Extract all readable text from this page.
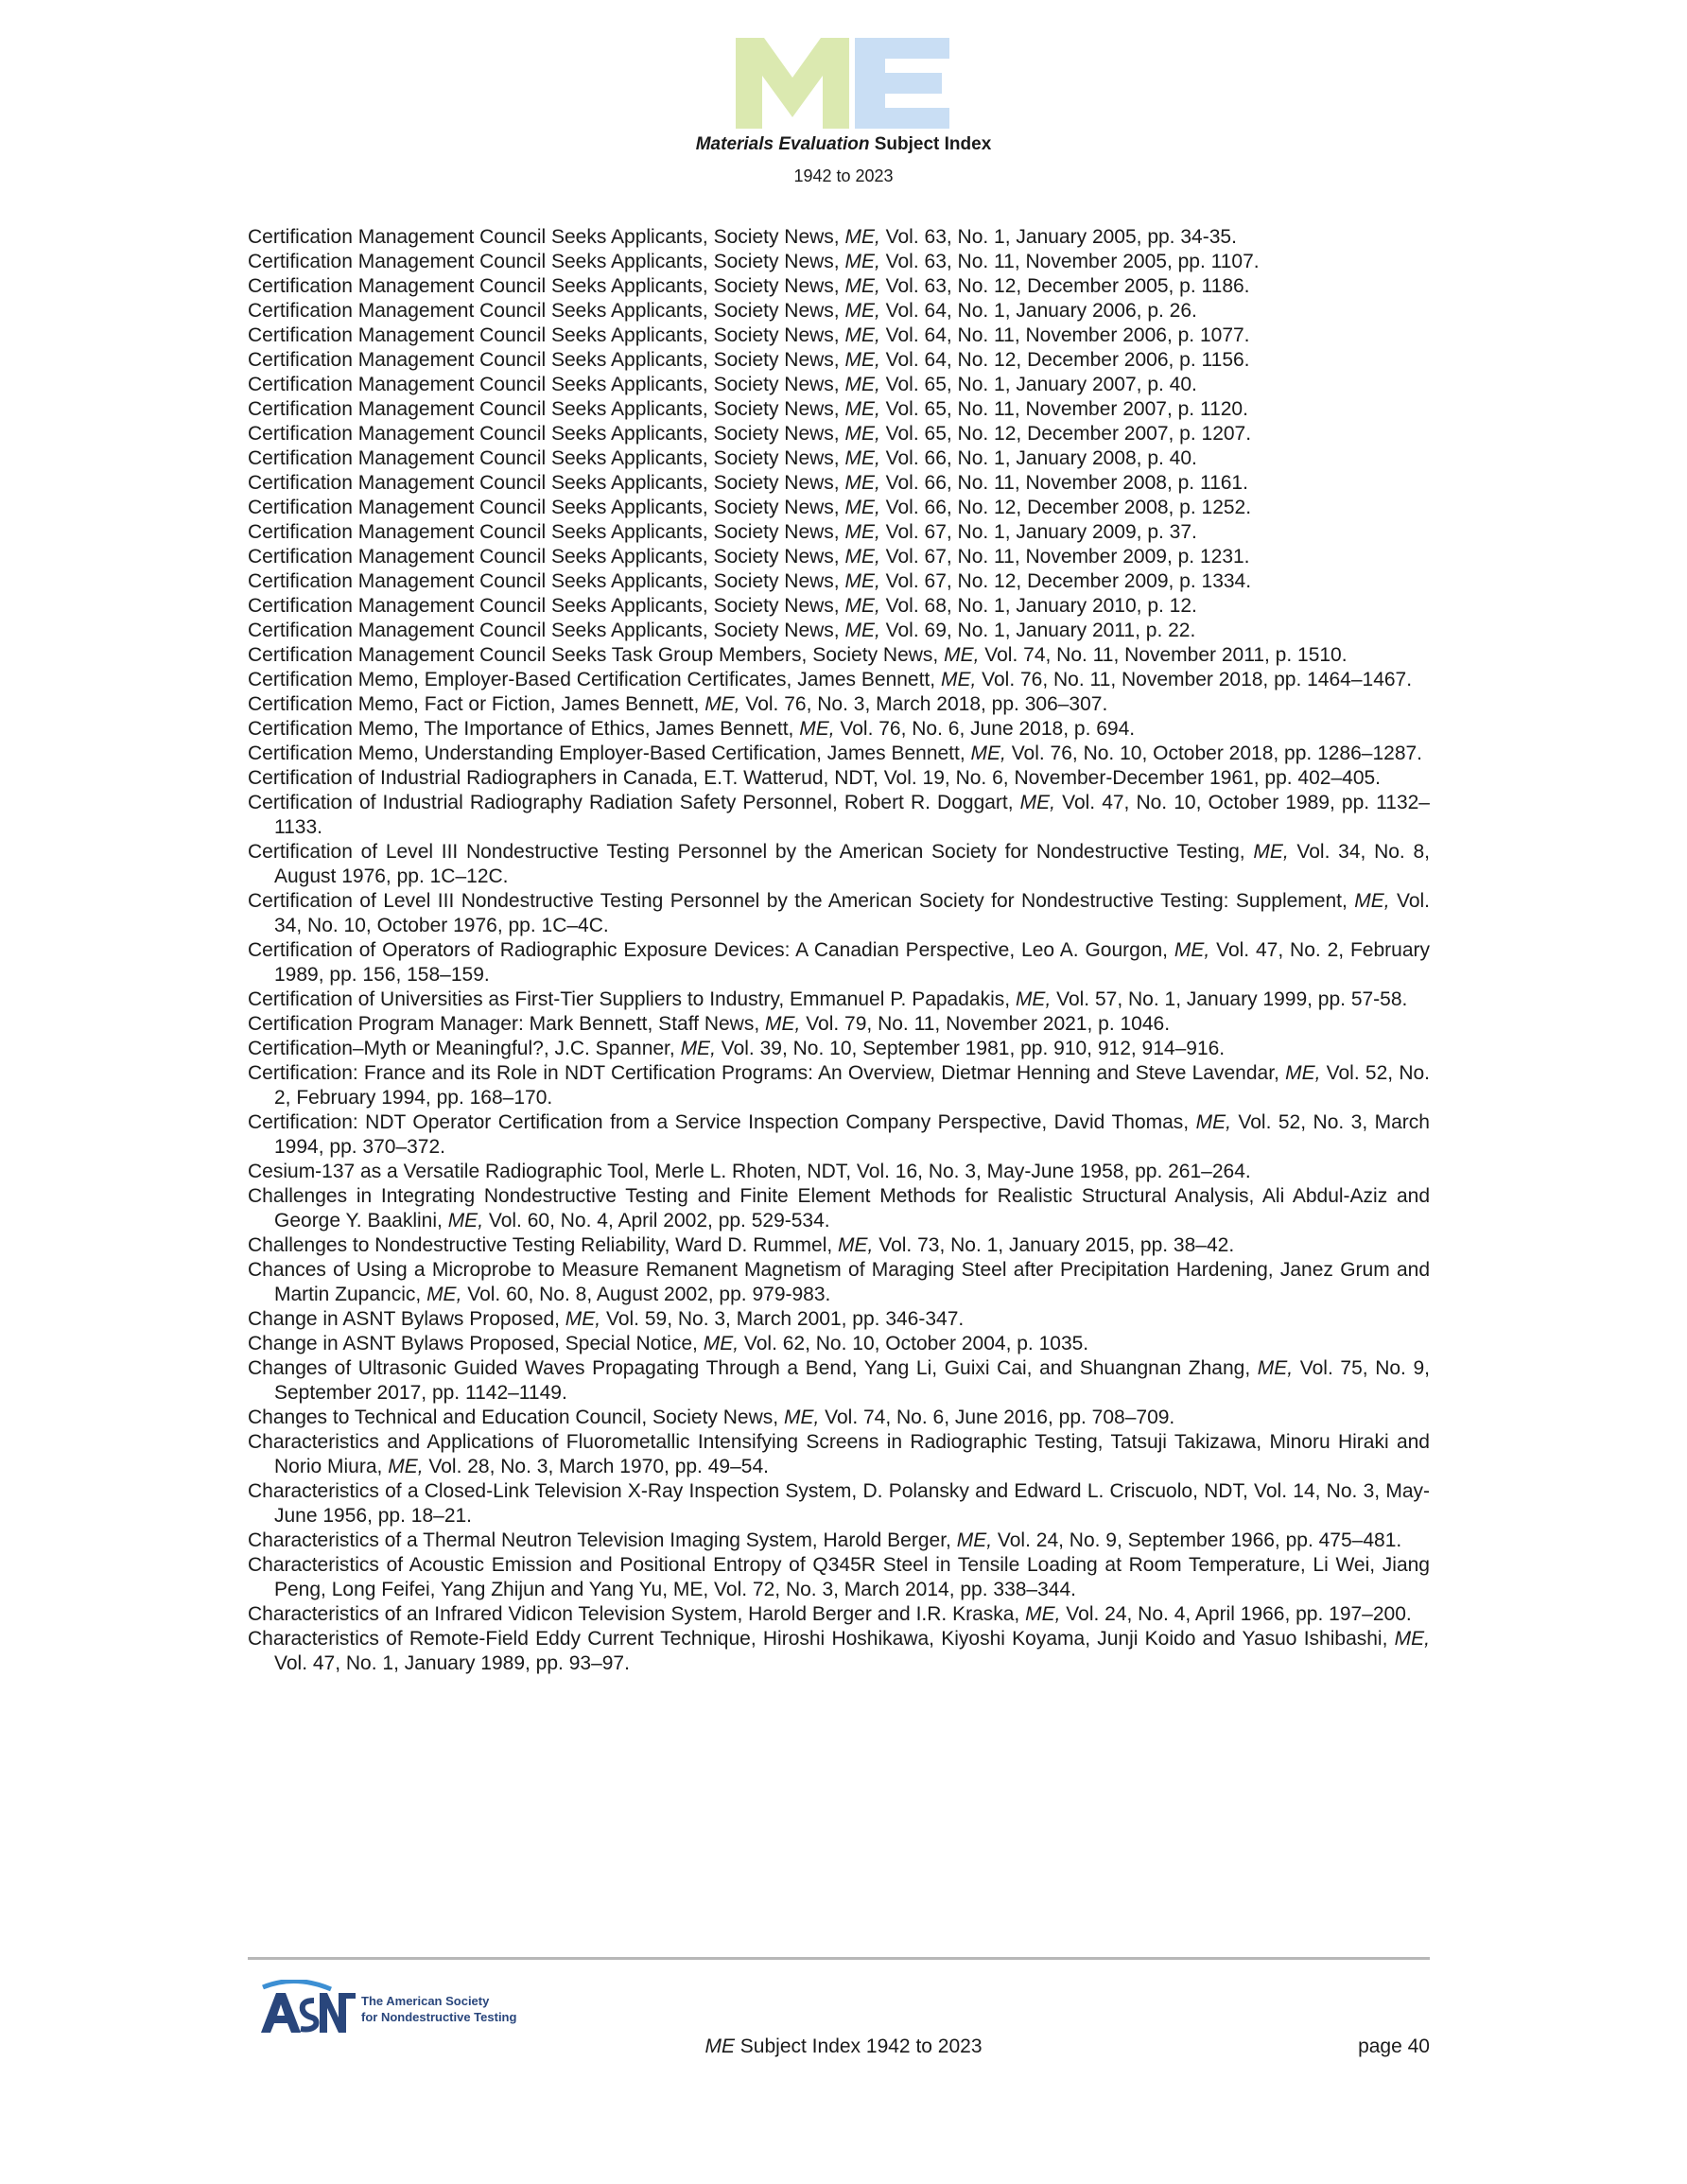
Materials Evaluation Subject Index
1942 to 2023

Certification Management Council Seeks Applicants, Society News, ME, Vol. 63, No. 1, January 2005, pp. 34-35.

Certification Management Council Seeks Applicants, Society News, ME, Vol. 63, No. 11, November 2005, pp. 1107.

Certification Management Council Seeks Applicants, Society News, ME, Vol. 63, No. 12, December 2005, p. 1186.

Certification Management Council Seeks Applicants, Society News, ME, Vol. 64, No. 1, January 2006, p. 26.

Certification Management Council Seeks Applicants, Society News, ME, Vol. 64, No. 11, November 2006, p. 1077.

Certification Management Council Seeks Applicants, Society News, ME, Vol. 64, No. 12, December 2006, p. 1156.

Certification Management Council Seeks Applicants, Society News, ME, Vol. 65, No. 1, January 2007, p. 40.

Certification Management Council Seeks Applicants, Society News, ME, Vol. 65, No. 11, November 2007, p. 1120.

Certification Management Council Seeks Applicants, Society News, ME, Vol. 65, No. 12, December 2007, p. 1207.

Certification Management Council Seeks Applicants, Society News, ME, Vol. 66, No. 1, January 2008, p. 40.

Certification Management Council Seeks Applicants, Society News, ME, Vol. 66, No. 11, November 2008, p. 1161.

Certification Management Council Seeks Applicants, Society News, ME, Vol. 66, No. 12, December 2008, p. 1252.

Certification Management Council Seeks Applicants, Society News, ME, Vol. 67, No. 1, January 2009, p. 37.

Certification Management Council Seeks Applicants, Society News, ME, Vol. 67, No. 11, November 2009, p. 1231.

Certification Management Council Seeks Applicants, Society News, ME, Vol. 67, No. 12, December 2009, p. 1334.

Certification Management Council Seeks Applicants, Society News, ME, Vol. 68, No. 1, January 2010, p. 12.

Certification Management Council Seeks Applicants, Society News, ME, Vol. 69, No. 1, January 2011, p. 22.

Certification Management Council Seeks Task Group Members, Society News, ME, Vol. 74, No. 11, November 2011, p. 1510.

Certification Memo, Employer-Based Certification Certificates, James Bennett, ME, Vol. 76, No. 11, November 2018, pp. 1464–1467.

Certification Memo, Fact or Fiction, James Bennett, ME, Vol. 76, No. 3, March 2018, pp. 306–307.

Certification Memo, The Importance of Ethics, James Bennett, ME, Vol. 76, No. 6, June 2018, p. 694.

Certification Memo, Understanding Employer-Based Certification, James Bennett, ME, Vol. 76, No. 10, October 2018, pp. 1286–1287.

Certification of Industrial Radiographers in Canada, E.T. Watterud, NDT, Vol. 19, No. 6, November-December 1961, pp. 402–405.

Certification of Industrial Radiography Radiation Safety Personnel, Robert R. Doggart, ME, Vol. 47, No. 10, October 1989, pp. 1132–1133.

Certification of Level III Nondestructive Testing Personnel by the American Society for Nondestructive Testing, ME, Vol. 34, No. 8, August 1976, pp. 1C–12C.

Certification of Level III Nondestructive Testing Personnel by the American Society for Nondestructive Testing: Supplement, ME, Vol. 34, No. 10, October 1976, pp. 1C–4C.

Certification of Operators of Radiographic Exposure Devices: A Canadian Perspective, Leo A. Gourgon, ME, Vol. 47, No. 2, February 1989, pp. 156, 158–159.

Certification of Universities as First-Tier Suppliers to Industry, Emmanuel P. Papadakis, ME, Vol. 57, No. 1, January 1999, pp. 57-58.

Certification Program Manager: Mark Bennett, Staff News, ME, Vol. 79, No. 11, November 2021, p. 1046.

Certification–Myth or Meaningful?, J.C. Spanner, ME, Vol. 39, No. 10, September 1981, pp. 910, 912, 914–916.

Certification: France and its Role in NDT Certification Programs: An Overview, Dietmar Henning and Steve Lavendar, ME, Vol. 52, No. 2, February 1994, pp. 168–170.

Certification: NDT Operator Certification from a Service Inspection Company Perspective, David Thomas, ME, Vol. 52, No. 3, March 1994, pp. 370–372.

Cesium-137 as a Versatile Radiographic Tool, Merle L. Rhoten, NDT, Vol. 16, No. 3, May-June 1958, pp. 261–264.

Challenges in Integrating Nondestructive Testing and Finite Element Methods for Realistic Structural Analysis, Ali Abdul-Aziz and George Y. Baaklini, ME, Vol. 60, No. 4, April 2002, pp. 529-534.

Challenges to Nondestructive Testing Reliability, Ward D. Rummel, ME, Vol. 73, No. 1, January 2015, pp. 38–42.

Chances of Using a Microprobe to Measure Remanent Magnetism of Maraging Steel after Precipitation Hardening, Janez Grum and Martin Zupancic, ME, Vol. 60, No. 8, August 2002, pp. 979-983.

Change in ASNT Bylaws Proposed, ME, Vol. 59, No. 3, March 2001, pp. 346-347.

Change in ASNT Bylaws Proposed, Special Notice, ME, Vol. 62, No. 10, October 2004, p. 1035.

Changes of Ultrasonic Guided Waves Propagating Through a Bend, Yang Li, Guixi Cai, and Shuangnan Zhang, ME, Vol. 75, No. 9, September 2017, pp. 1142–1149.

Changes to Technical and Education Council, Society News, ME, Vol. 74, No. 6, June 2016, pp. 708–709.

Characteristics and Applications of Fluorometallic Intensifying Screens in Radiographic Testing, Tatsuji Takizawa, Minoru Hiraki and Norio Miura, ME, Vol. 28, No. 3, March 1970, pp. 49–54.

Characteristics of a Closed-Link Television X-Ray Inspection System, D. Polansky and Edward L. Criscuolo, NDT, Vol. 14, No. 3, May-June 1956, pp. 18–21.

Characteristics of a Thermal Neutron Television Imaging System, Harold Berger, ME, Vol. 24, No. 9, September 1966, pp. 475–481.

Characteristics of Acoustic Emission and Positional Entropy of Q345R Steel in Tensile Loading at Room Temperature, Li Wei, Jiang Peng, Long Feifei, Yang Zhijun and Yang Yu, ME, Vol. 72, No. 3, March 2014, pp. 338–344.

Characteristics of an Infrared Vidicon Television System, Harold Berger and I.R. Kraska, ME, Vol. 24, No. 4, April 1966, pp. 197–200.

Characteristics of Remote-Field Eddy Current Technique, Hiroshi Hoshikawa, Kiyoshi Koyama, Junji Koido and Yasuo Ishibashi, ME, Vol. 47, No. 1, January 1989, pp. 93–97.

The American Society
for Nondestructive Testing
ME Subject Index 1942 to 2023	page 40
